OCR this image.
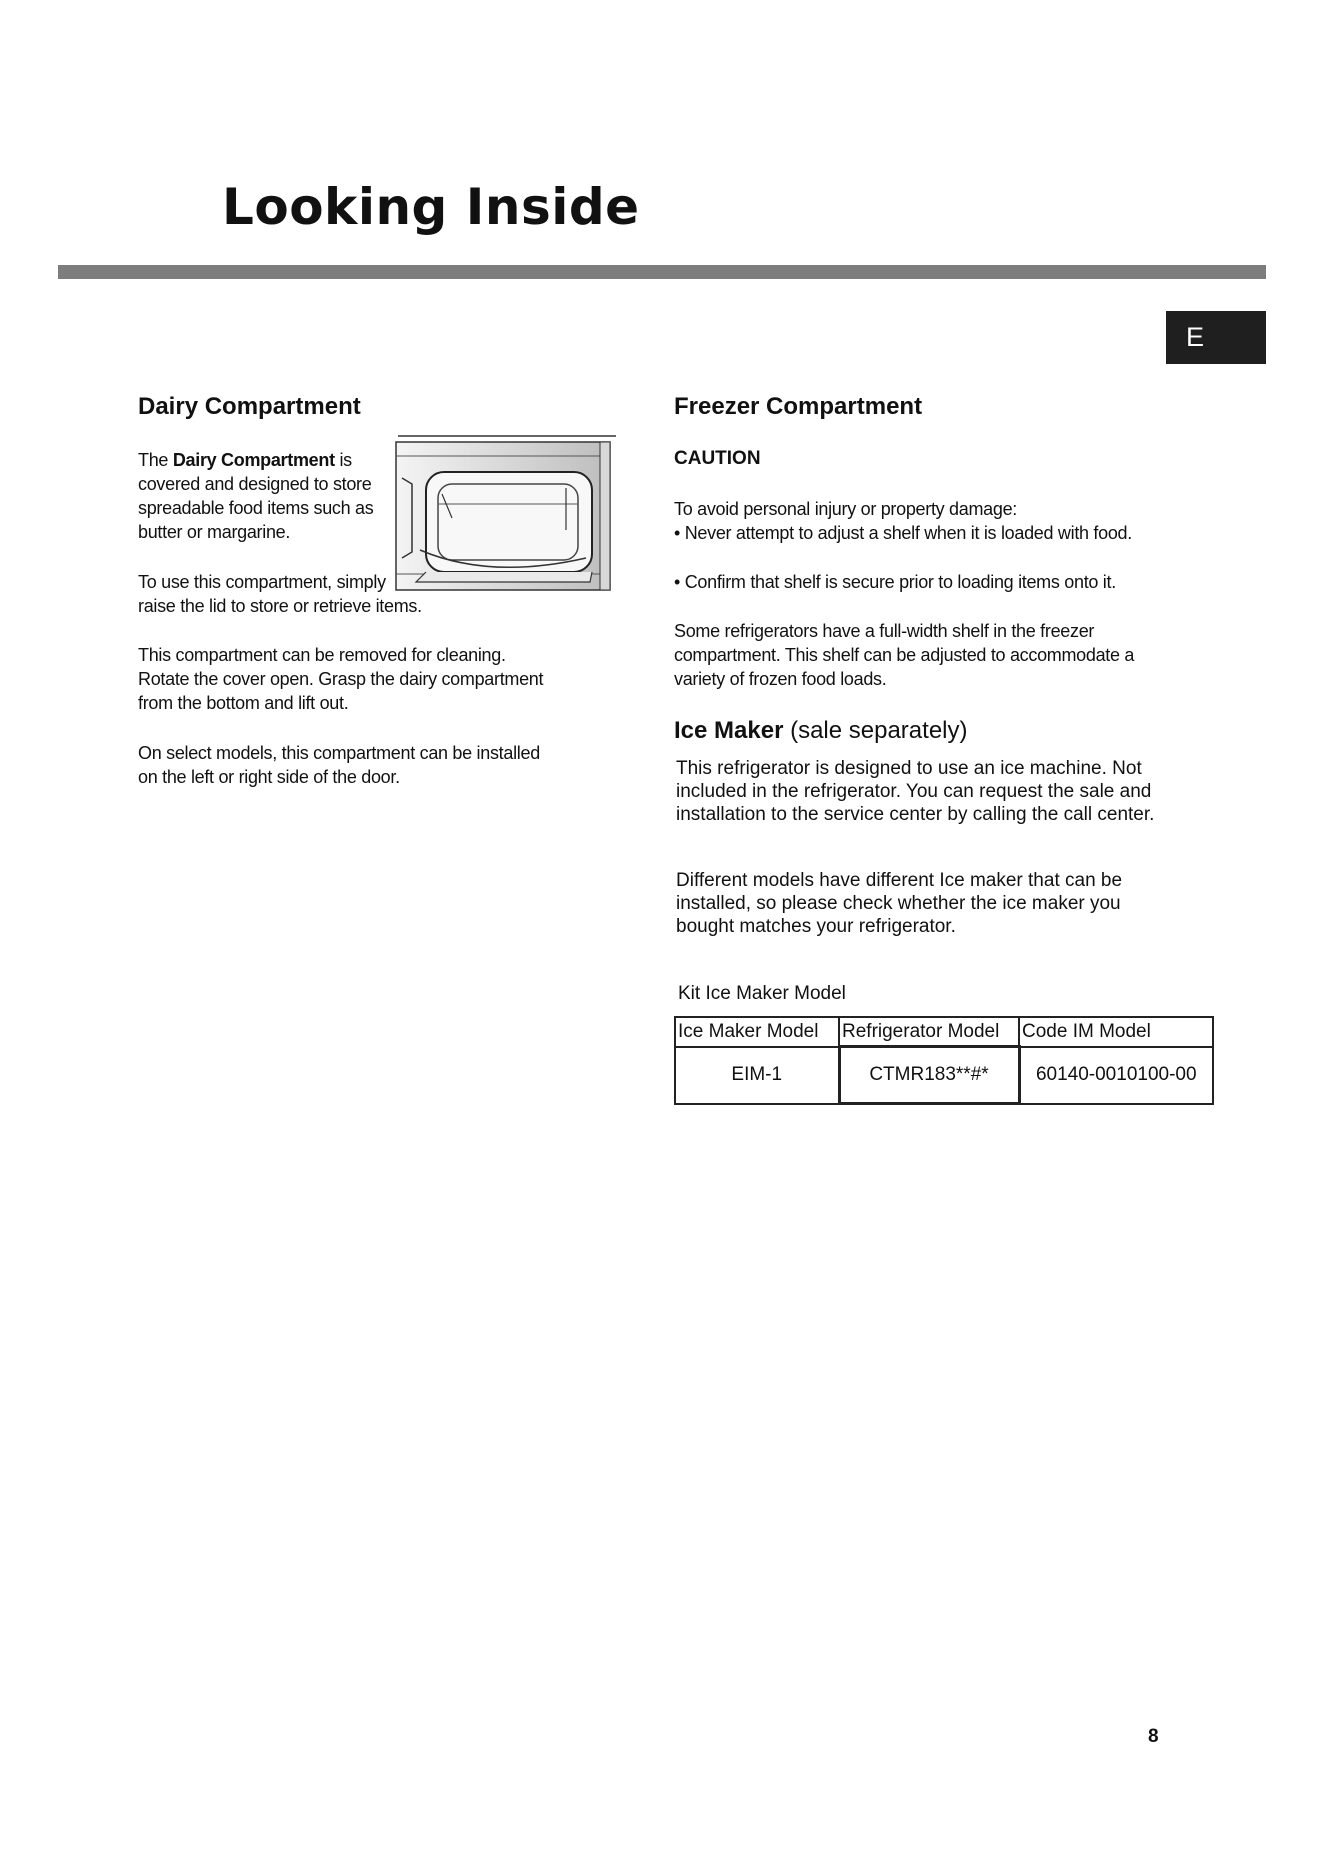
Looking Inside
E
Dairy Compartment

The Dairy Compartment is

covered and designed to store

spreadable food items such as

butter or margarine.

To use this compartment, simply

raise the lid to store or retrieve items.

This compartment can be removed for cleaning.

Rotate the cover open. Grasp the dairy compartment

from the bottom and lift out.

On select models, this compartment can be installed

on the left or right side of the door.

Freezer Compartment

CAUTION

To avoid personal injury or property damage:

• Never attempt to adjust a shelf when it is loaded with food.

• Confirm that shelf is secure prior to loading items onto it.

Some refrigerators have a full-width shelf in the freezer

compartment. This shelf can be adjusted to accommodate a

variety of frozen food loads.

Ice Maker (sale separately)

This refrigerator is designed to use an ice machine. Not

included in the refrigerator. You can request the sale and

installation to the service center by calling the call center.

Different models have different Ice maker that can be

installed, so please check whether the ice maker you

bought matches your refrigerator.

Kit Ice Maker Model

Ice Maker Model	Refrigerator Model	Code IM Model
EIM-1	CTMR183**#*	60140-0010100-00
8
